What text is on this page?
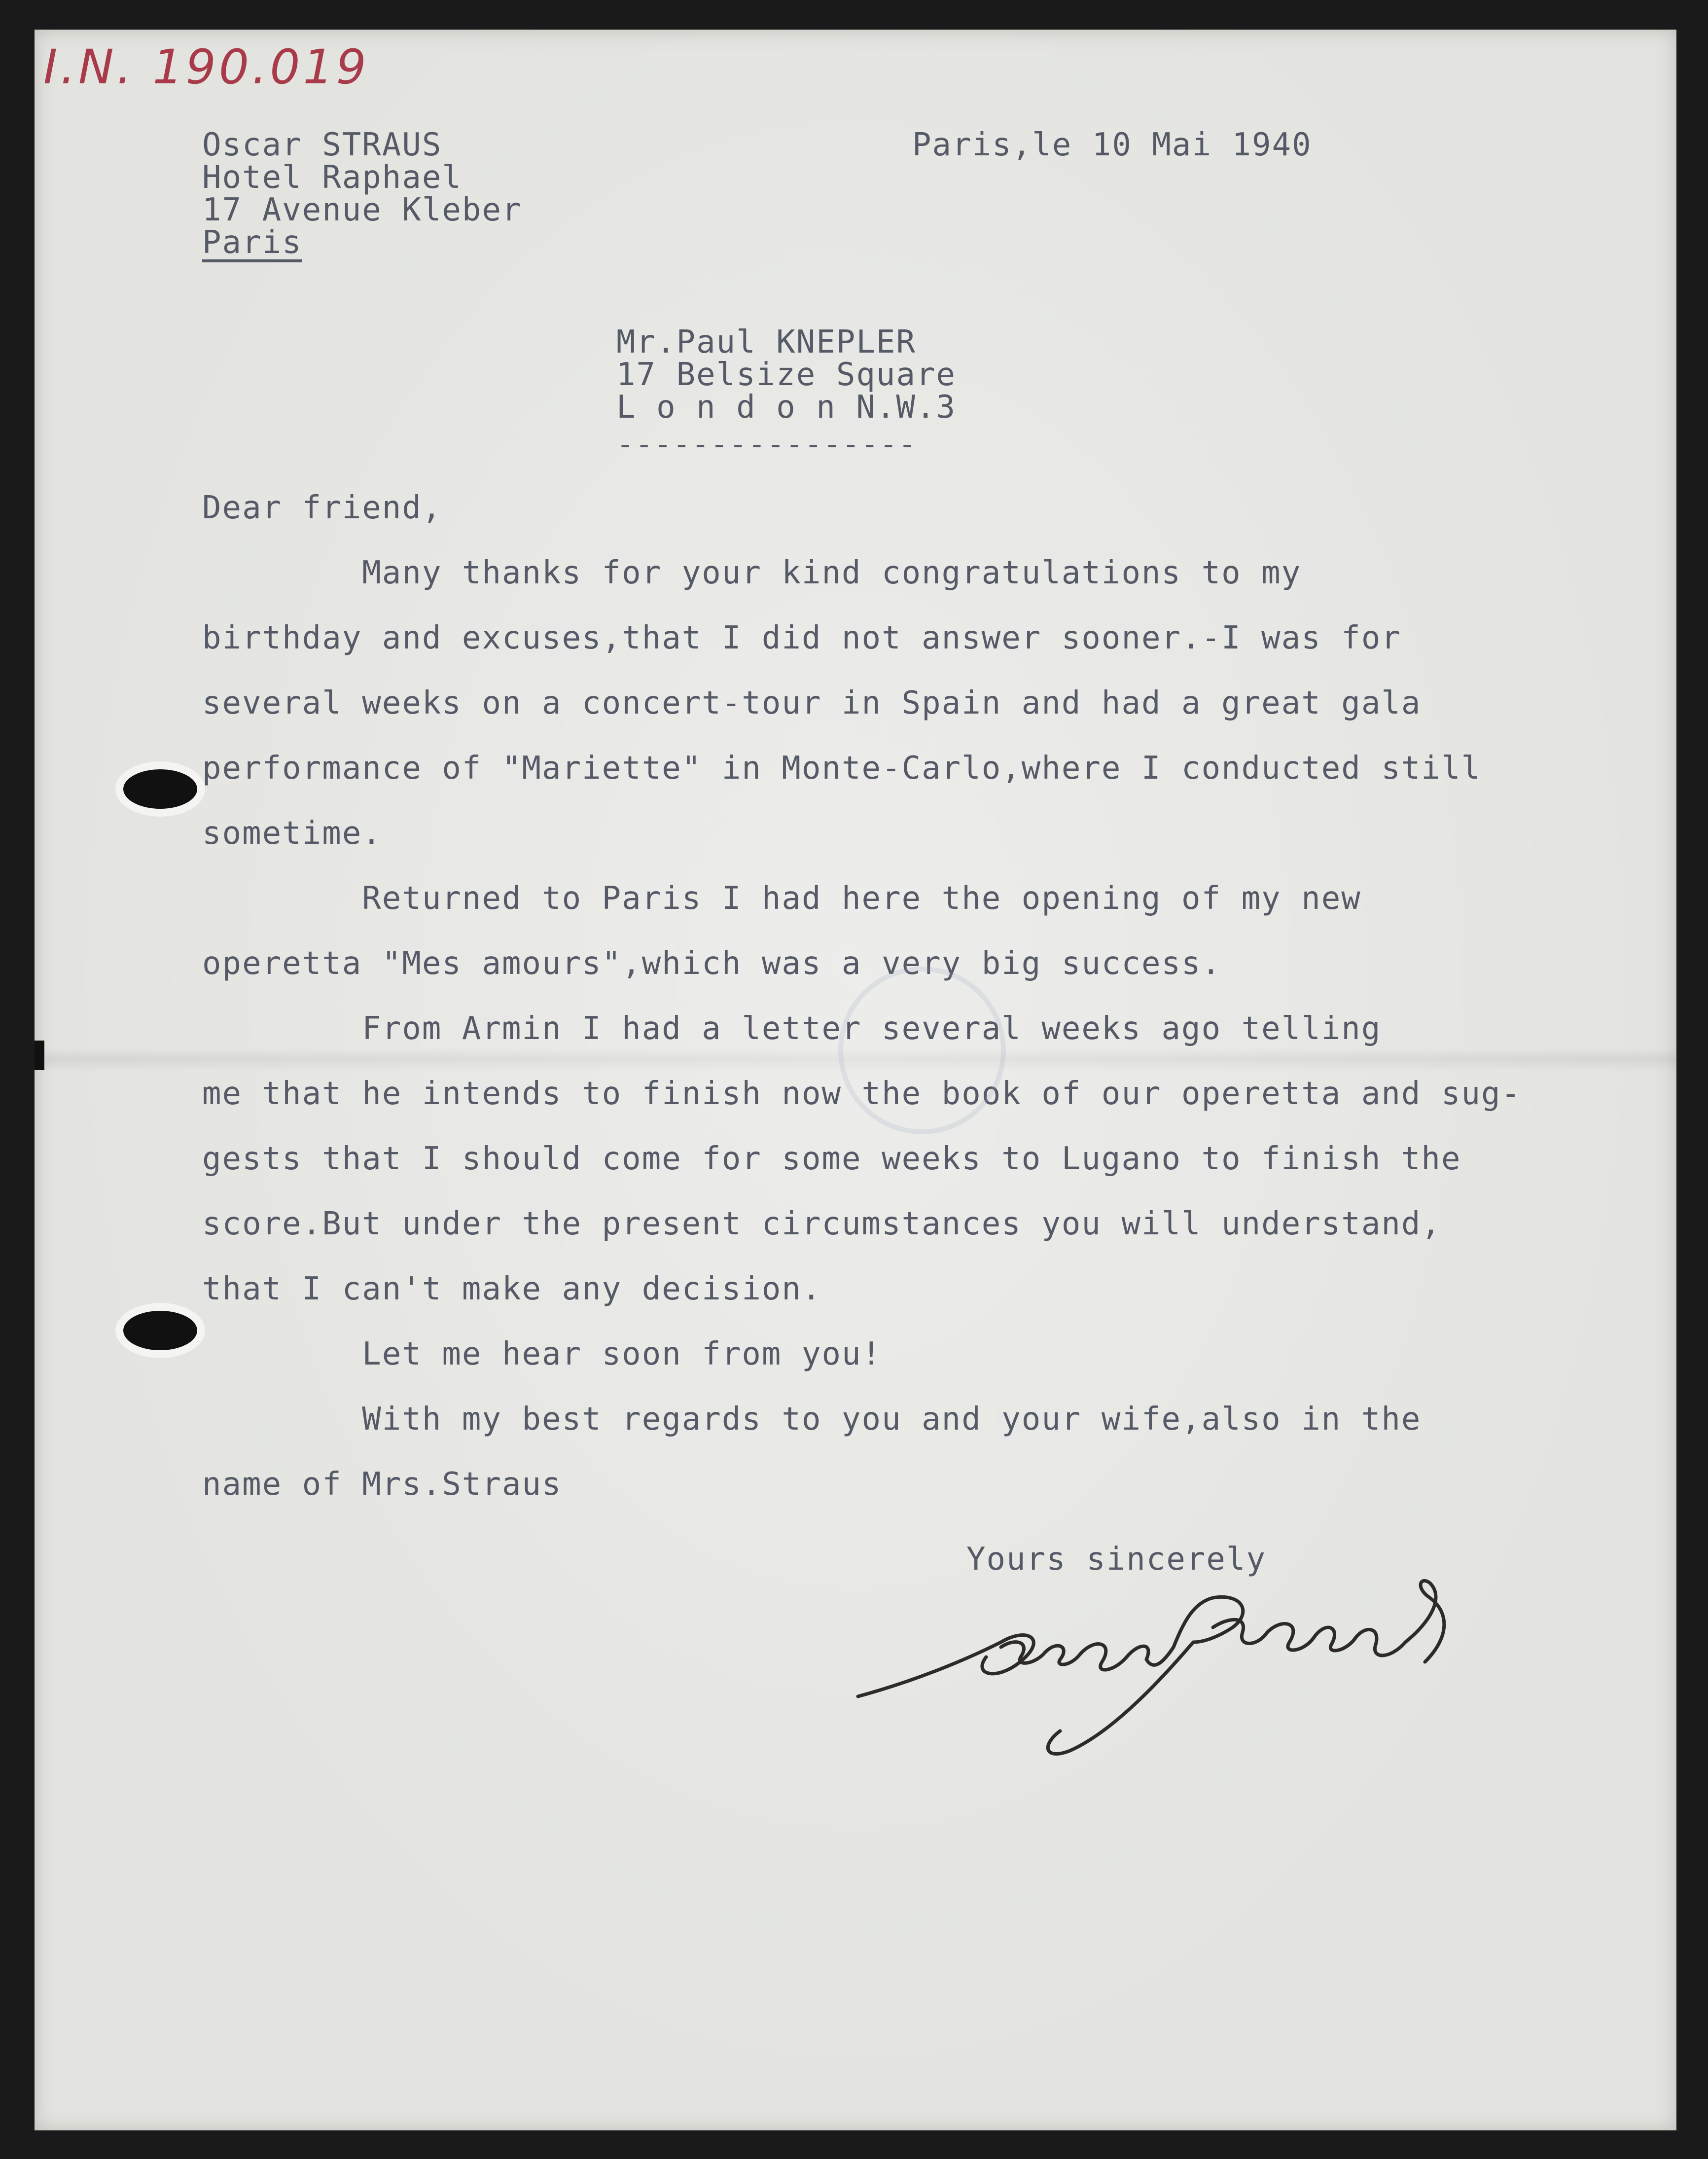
I.N. 190.019
Oscar STRAUS
Hotel Raphael
17 Avenue Kleber
Paris
Paris,le 10 Mai 1940
Mr.Paul KNEPLER
17 Belsize Square
L o n d o n N.W.3
----------------
Dear friend,
Many thanks for your kind congratulations to my
birthday and excuses,that I did not answer sooner.-I was for
several weeks on a concert-tour in Spain and had a great gala
performance of "Mariette" in Monte-Carlo,where I conducted still
sometime.
Returned to Paris I had here the opening of my new
operetta "Mes amours",which was a very big success.
From Armin I had a letter several weeks ago telling
me that he intends to finish now the book of our operetta and sug-
gests that I should come for some weeks to Lugano to finish the
score.But under the present circumstances you will understand,
that I can't make any decision.
Let me hear soon from you!
With my best regards to you and your wife,also in the
name of Mrs.Straus
Yours sincerely
